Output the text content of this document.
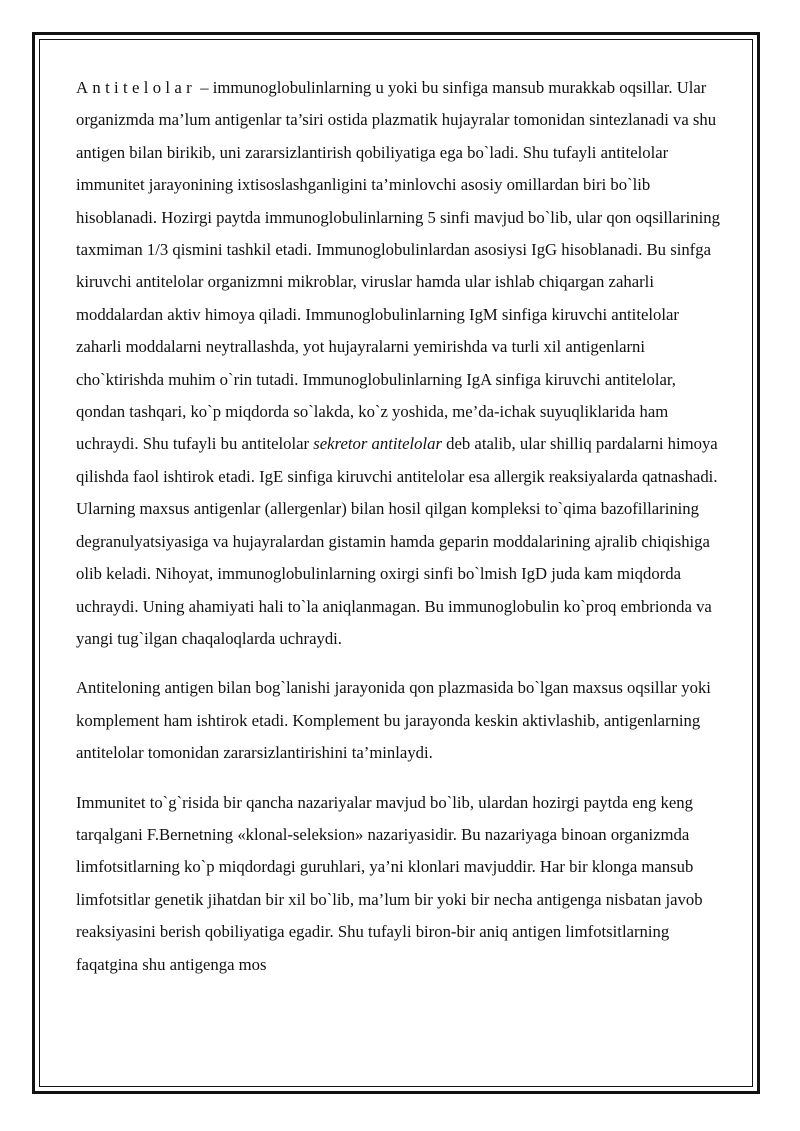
Antitelolar – immunoglobulinlarning u yoki bu sinfiga mansub murakkab oqsillar. Ular organizmda ma’lum antigenlar ta’siri ostida plazmatik hujayralar tomonidan sintezlanadi va shu antigen bilan birikib, uni zararsizlantirish qobiliyatiga ega bo`ladi. Shu tufayli antitelolar immunitet jarayonining ixtisoslashganligini ta’minlovchi asosiy omillardan biri bo`lib hisoblanadi. Hozirgi paytda immunoglobulinlarning 5 sinfi mavjud bo`lib, ular qon oqsillarining taxmiman 1/3 qismini tashkil etadi. Immunoglobulinlardan asosiysi IgG hisoblanadi. Bu sinfga kiruvchi antitelolar organizmni mikroblar, viruslar hamda ular ishlab chiqargan zaharli moddalardan aktiv himoya qiladi. Immunoglobulinlarning IgM sinfiga kiruvchi antitelolar zaharli moddalarni neytrallashda, yot hujayralarni yemirishda va turli xil antigenlarni cho`ktirishda muhim o`rin tutadi. Immunoglobulinlarning IgA sinfiga kiruvchi antitelolar, qondan tashqari, ko`p miqdorda so`lakda, ko`z yoshida, me’da-ichak suyuqliklarida ham uchraydi. Shu tufayli bu antitelolar sekretor antitelolar deb atalib, ular shilliq pardalarni himoya qilishda faol ishtirok etadi. IgE sinfiga kiruvchi antitelolar esa allergik reaksiyalarda qatnashadi. Ularning maxsus antigenlar (allergenlar) bilan hosil qilgan kompleksi to`qima bazofillarining degranulyatsiyasiga va hujayralardan gistamin hamda geparin moddalarining ajralib chiqishiga olib keladi. Nihoyat, immunoglobulinlarning oxirgi sinfi bo`lmish IgD juda kam miqdorda uchraydi. Uning ahamiyati hali to`la aniqlanmagan. Bu immunoglobulin ko`proq embrionda va yangi tug`ilgan chaqaloqlarda uchraydi.

Antiteloning antigen bilan bog`lanishi jarayonida qon plazmasida bo`lgan maxsus oqsillar yoki komplement ham ishtirok etadi. Komplement bu jarayonda keskin aktivlashib, antigenlarning antitelolar tomonidan zararsizlantirishini ta’minlaydi.

Immunitet to`g`risida bir qancha nazariyalar mavjud bo`lib, ulardan hozirgi paytda eng keng tarqalgani F.Bernetning «klonal-seleksion» nazariyasidir. Bu nazariyaga binoan organizmda limfotsitlarning ko`p miqdordagi guruhlari, ya’ni klonlari mavjuddir. Har bir klonga mansub limfotsitlar genetik jihatdan bir xil bo`lib, ma’lum bir yoki bir necha antigenga nisbatan javob reaksiyasini berish qobiliyatiga egadir. Shu tufayli biron-bir aniq antigen limfotsitlarning faqatgina shu antigenga mos
